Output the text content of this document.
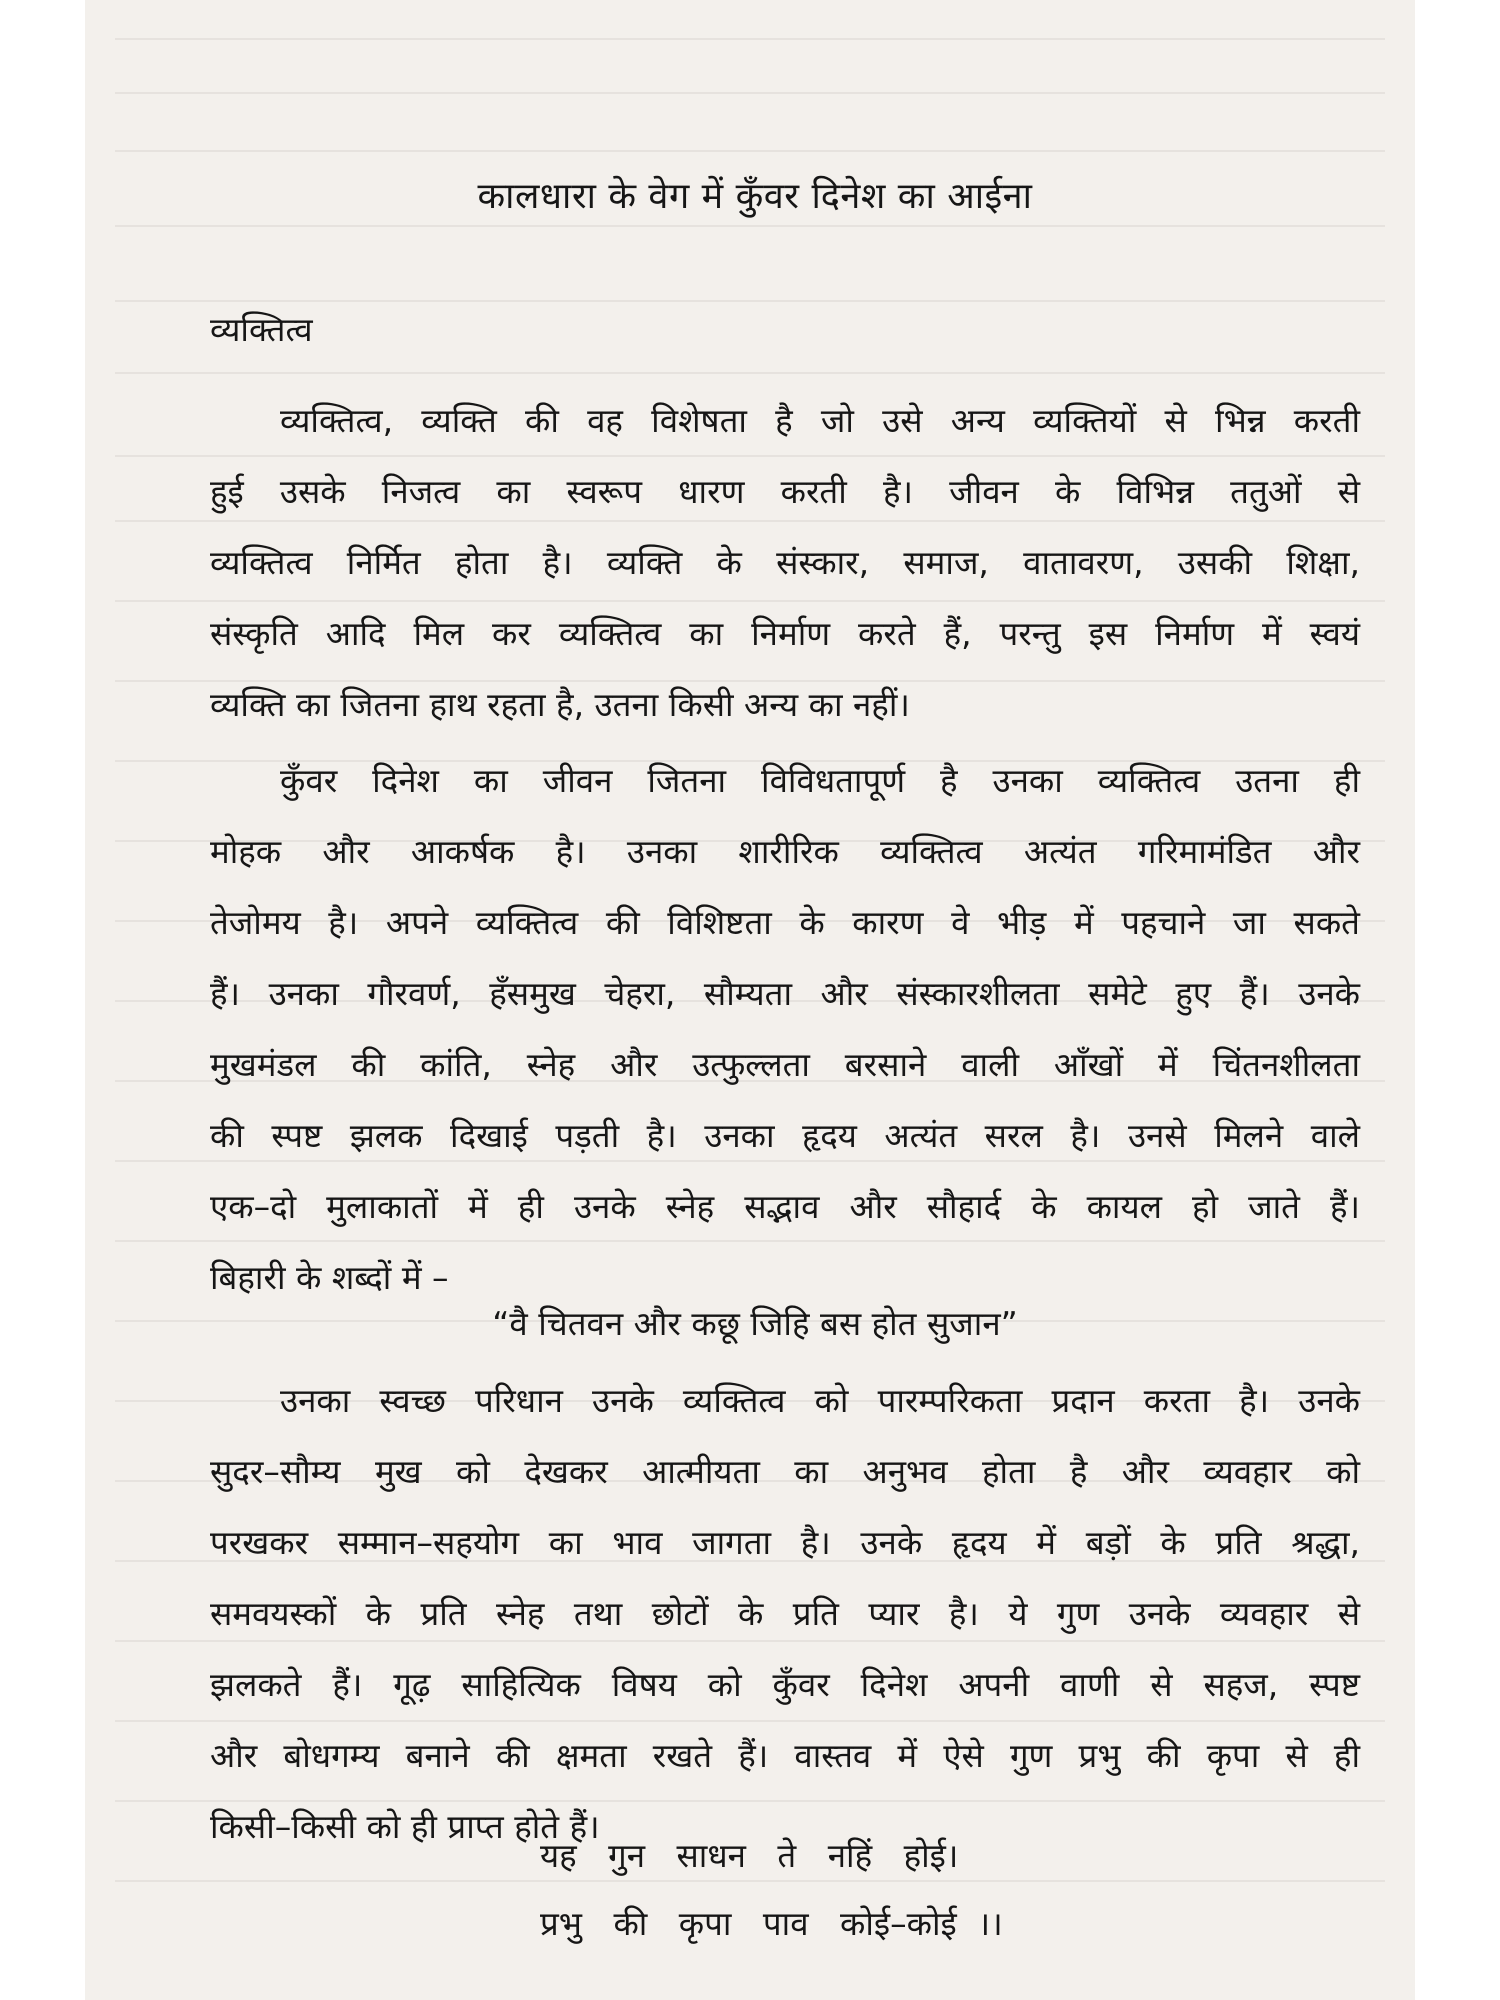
कालधारा के वेग में कुँवर दिनेश का आईना
व्यक्तित्व
व्यक्तित्व, व्यक्ति की वह विशेषता है जो उसे अन्य व्यक्तियों से भिन्न करती
हुई उसके निजत्व का स्वरूप धारण करती है। जीवन के विभिन्न ततुओं से
व्यक्तित्व निर्मित होता है। व्यक्ति के संस्कार, समाज, वातावरण, उसकी शिक्षा,
संस्कृति आदि मिल कर व्यक्तित्व का निर्माण करते हैं, परन्तु इस निर्माण में स्वयं
व्यक्ति का जितना हाथ रहता है, उतना किसी अन्य का नहीं।
कुँवर दिनेश का जीवन जितना विविधतापूर्ण है उनका व्यक्तित्व उतना ही
मोहक और आकर्षक है। उनका शारीरिक व्यक्तित्व अत्यंत गरिमामंडित और
तेजोमय है। अपने व्यक्तित्व की विशिष्टता के कारण वे भीड़ में पहचाने जा सकते
हैं। उनका गौरवर्ण, हँसमुख चेहरा, सौम्यता और संस्कारशीलता समेटे हुए हैं। उनके
मुखमंडल की कांति, स्नेह और उत्फुल्लता बरसाने वाली आँखों में चिंतनशीलता
की स्पष्ट झलक दिखाई पड़ती है। उनका हृदय अत्यंत सरल है। उनसे मिलने वाले
एक–दो मुलाकातों में ही उनके स्नेह सद्भाव और सौहार्द के कायल हो जाते हैं।
बिहारी के शब्दों में –
“वै चितवन और कछू जिहि बस होत सुजान”
उनका स्वच्छ परिधान उनके व्यक्तित्व को पारम्परिकता प्रदान करता है। उनके
सुदर–सौम्य मुख को देखकर आत्मीयता का अनुभव होता है और व्यवहार को
परखकर सम्मान–सहयोग का भाव जागता है। उनके हृदय में बड़ों के प्रति श्रद्धा,
समवयस्कों के प्रति स्नेह तथा छोटों के प्रति प्यार है। ये गुण उनके व्यवहार से
झलकते हैं। गूढ़ साहित्यिक विषय को कुँवर दिनेश अपनी वाणी से सहज, स्पष्ट
और बोधगम्य बनाने की क्षमता रखते हैं। वास्तव में ऐसे गुण प्रभु की कृपा से ही
किसी–किसी को ही प्राप्त होते हैं।
यह   गुन   साधन   ते   नहिं   होई।
प्रभु   की   कृपा   पाव   कोई–कोई  ।।
